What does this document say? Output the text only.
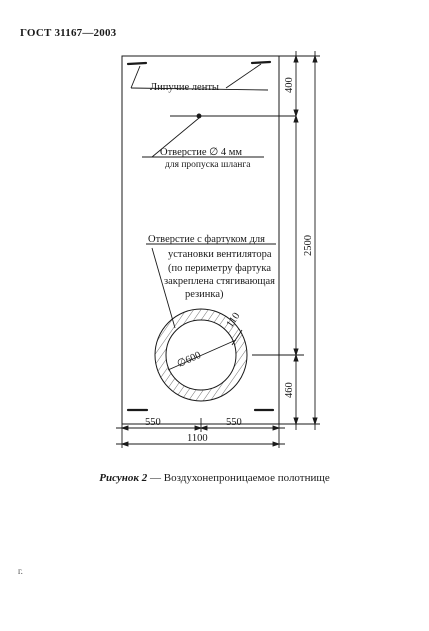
ГОСТ 31167—2003
Липучие ленты
Отверстие ∅ 4 мм
для пропуска шланга
Отверстие с фартуком для
установки вентилятора
(по периметру фартука
закреплена стягивающая
резинка)
∅600
110
550	550
1100
400
2500
460
Рисунок 2 — Воздухонепроницаемое полотнище
г.
